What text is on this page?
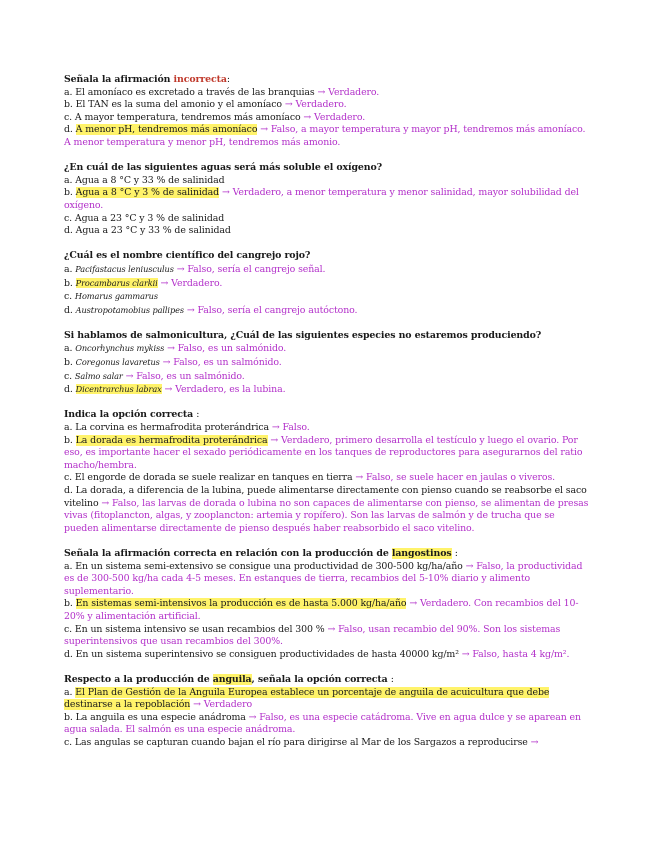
Señala la afirmación incorrecta:

a. El amoníaco es excretado a través de las branquias → Verdadero.

b. El TAN es la suma del amonio y el amoníaco → Verdadero.

c. A mayor temperatura, tendremos más amoníaco → Verdadero.

d. A menor pH, tendremos más amoníaco → Falso, a mayor temperatura y mayor pH, tendremos más amoníaco. A menor temperatura y menor pH, tendremos más amonio.

¿En cuál de las siguientes aguas será más soluble el oxígeno?

a. Agua a 8 °C y 33 % de salinidad

b. Agua a 8 °C y 3 % de salinidad → Verdadero, a menor temperatura y menor salinidad, mayor solubilidad del oxígeno.

c. Agua a 23 °C y 3 % de salinidad

d. Agua a 23 °C y 33 % de salinidad

¿Cuál es el nombre científico del cangrejo rojo?

a. Pacifastacus leniusculus → Falso, sería el cangrejo señal.

b. Procambarus clarkii → Verdadero.

c. Homarus gammarus

d. Austropotamobius pallipes → Falso, sería el cangrejo autóctono.

Si hablamos de salmonicultura, ¿Cuál de las siguientes especies no estaremos produciendo?

a. Oncorhynchus mykiss → Falso, es un salmónido.

b. Coregonus lavaretus → Falso, es un salmónido.

c. Salmo salar → Falso, es un salmónido.

d. Dicentrarchus labrax → Verdadero, es la lubina.

Indica la opción correcta :

a. La corvina es hermafrodita proterándrica → Falso.

b. La dorada es hermafrodita proterándrica → Verdadero, primero desarrolla el testículo y luego el ovario. Por eso, es importante hacer el sexado periódicamente en los tanques de reproductores para asegurarnos del ratio macho/hembra.

c. El engorde de dorada se suele realizar en tanques en tierra → Falso, se suele hacer en jaulas o viveros.

d. La dorada, a diferencia de la lubina, puede alimentarse directamente con pienso cuando se reabsorbe el saco vitelino → Falso, las larvas de dorada o lubina no son capaces de alimentarse con pienso, se alimentan de presas vivas (fitoplancton, algas, y zooplancton: artemia y ropífero). Son las larvas de salmón y de trucha que se pueden alimentarse directamente de pienso después haber reabsorbido el saco vitelino.

Señala la afirmación correcta en relación con la producción de langostinos :

a. En un sistema semi-extensivo se consigue una productividad de 300-500 kg/ha/año → Falso, la productividad es de 300-500 kg/ha cada 4-5 meses. En estanques de tierra, recambios del 5-10% diario y alimento suplementario.

b. En sistemas semi-intensivos la producción es de hasta 5.000 kg/ha/año → Verdadero. Con recambios del 10-20% y alimentación artificial.

c. En un sistema intensivo se usan recambios del 300 % → Falso, usan recambio del 90%. Son los sistemas superintensivos que usan recambios del 300%.

d. En un sistema superintensivo se consiguen productividades de hasta 40000 kg/m² → Falso, hasta 4 kg/m².

Respecto a la producción de anguila, señala la opción correcta :

a. El Plan de Gestión de la Anguila Europea establece un porcentaje de anguila de acuicultura que debe destinarse a la repoblación → Verdadero

b. La anguila es una especie anádroma → Falso, es una especie catádroma. Vive en agua dulce y se aparean en agua salada. El salmón es una especie anádroma.

c. Las angulas se capturan cuando bajan el río para dirigirse al Mar de los Sargazos a reproducirse →
